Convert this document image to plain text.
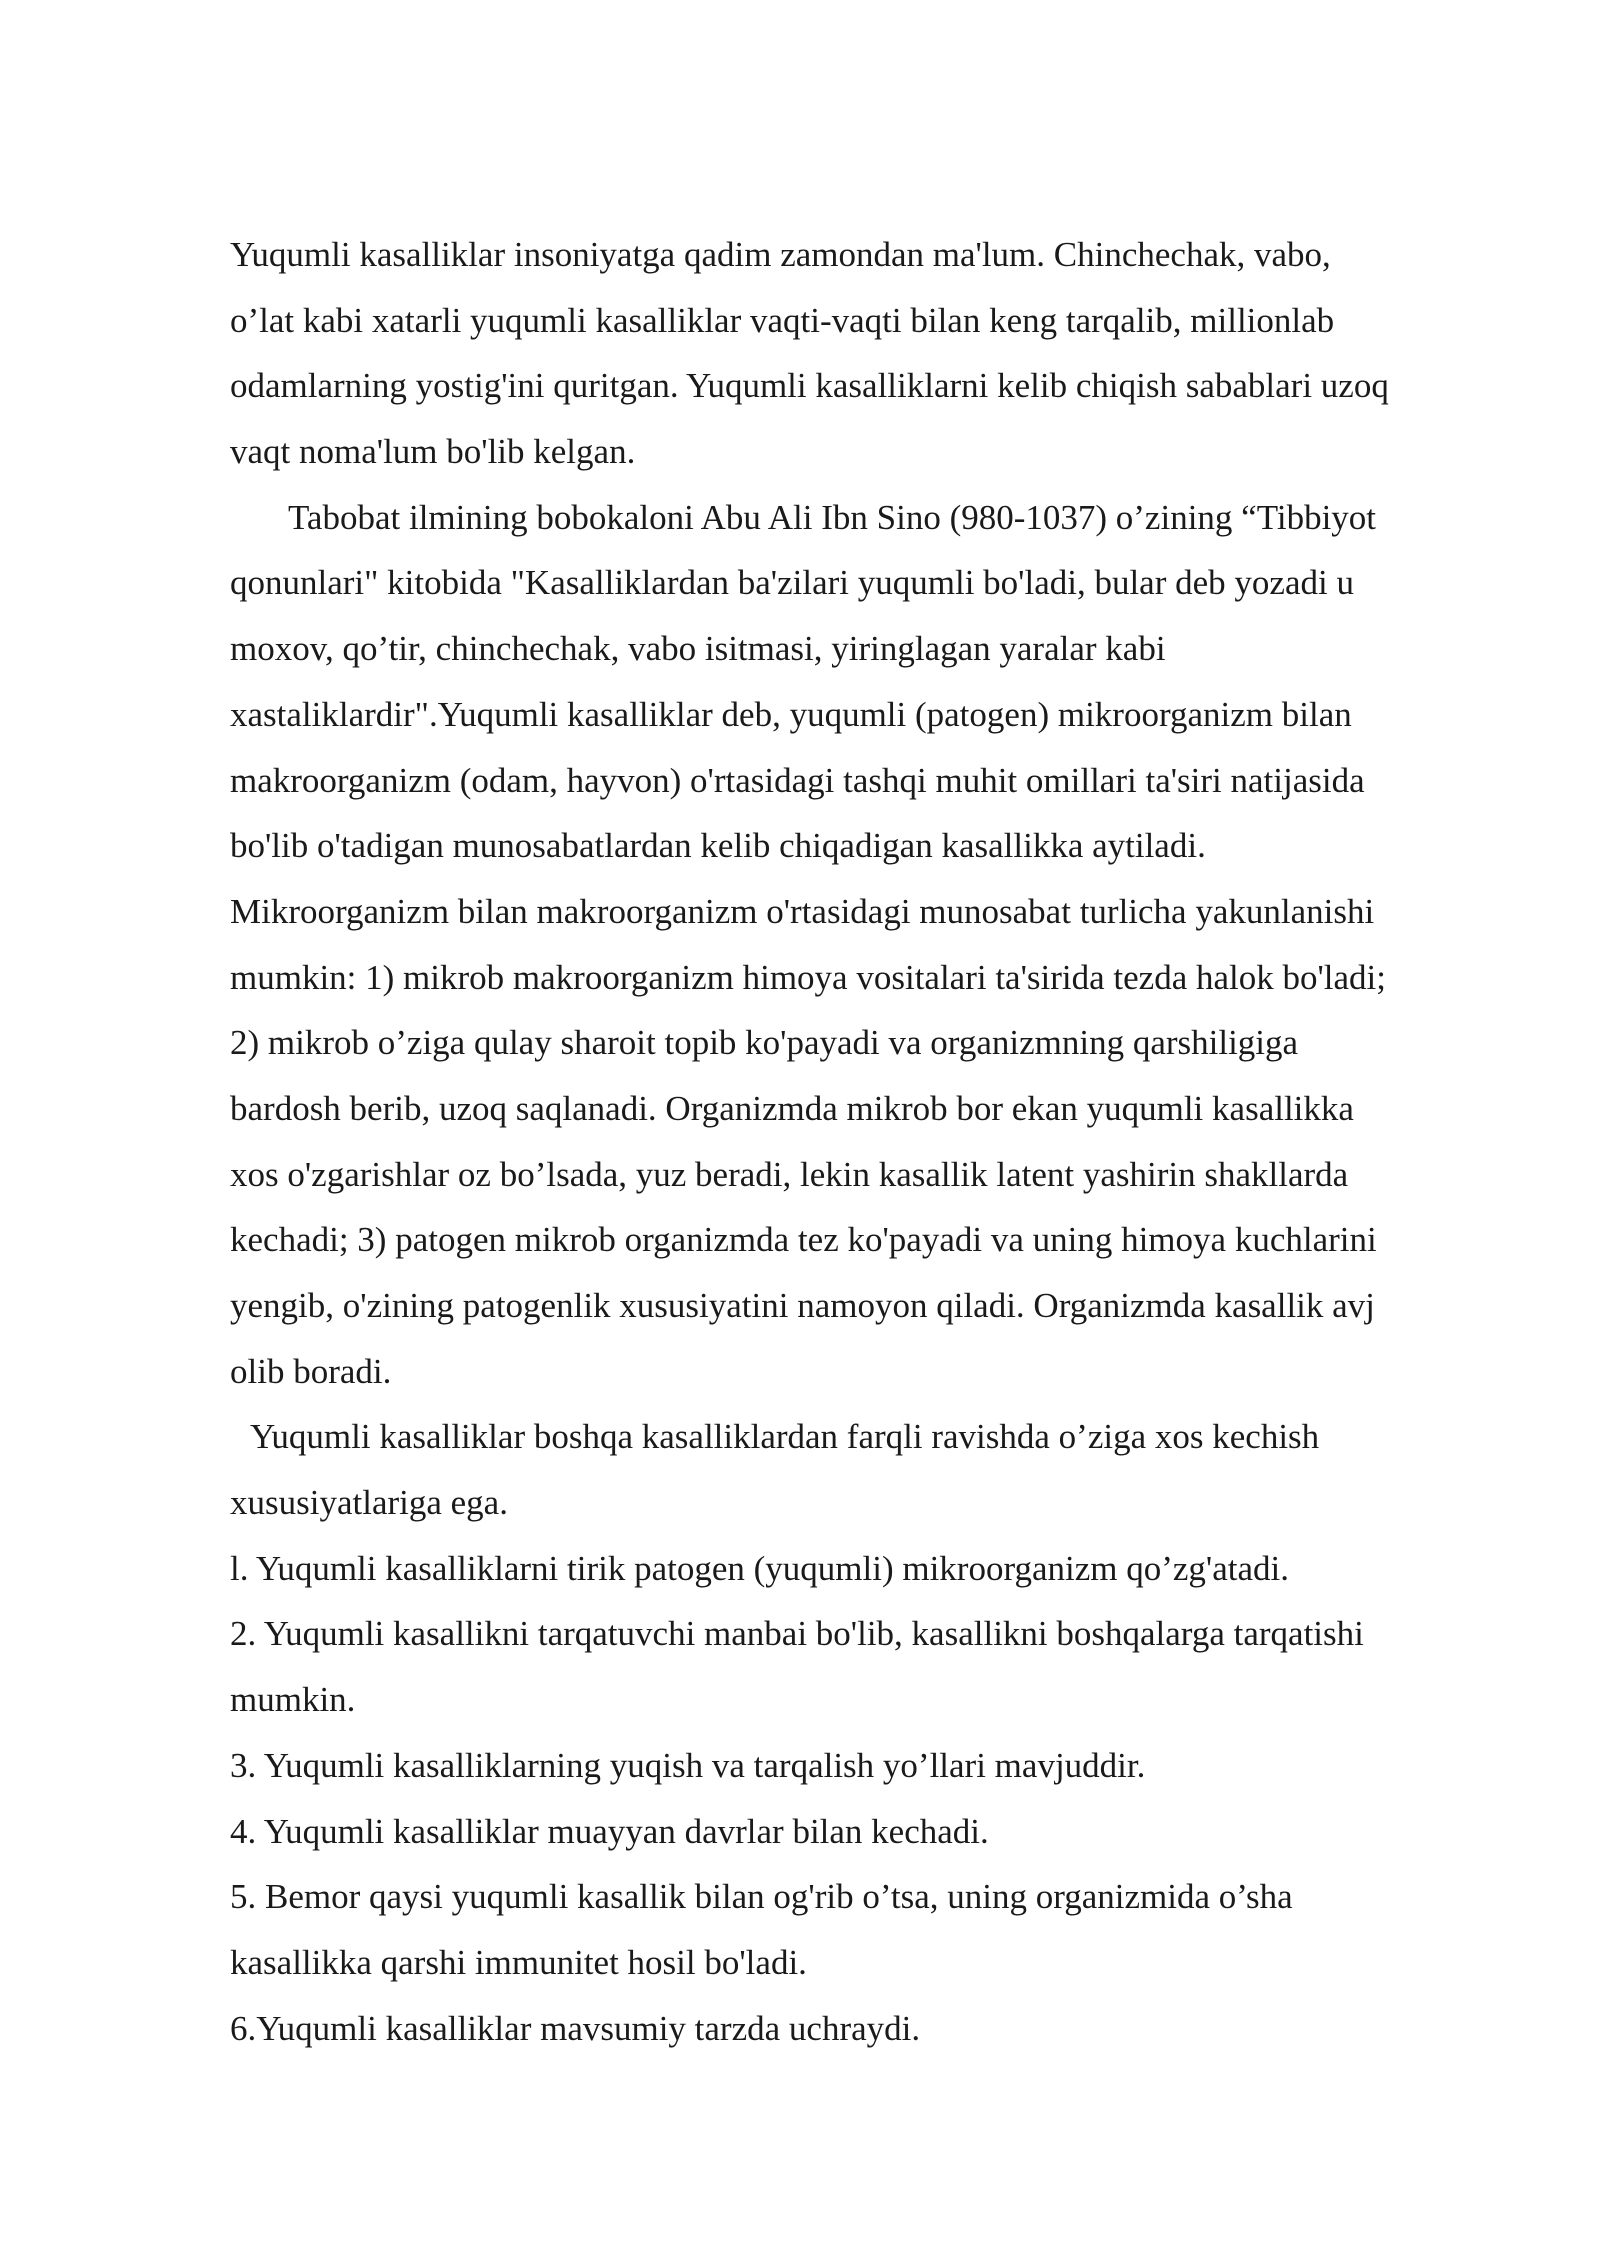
Yuqumli kasalliklar insoniyatga qadim zamondan ma'lum. Chinchechak, vabo,
o’lat kabi xatarli yuqumli kasalliklar vaqti-vaqti bilan keng tarqalib, millionlab
odamlarning yostig'ini quritgan. Yuqumli kasalliklarni kelib chiqish sabablari uzoq
vaqt noma'lum bo'lib kelgan.

Tabobat ilmining bobokaloni Abu Ali Ibn Sino (980-1037) o’zining “Tibbiyot
qonunlari" kitobida "Kasalliklardan ba'zilari yuqumli bo'ladi, bular deb yozadi u
moxov, qo’tir, chinchechak, vabo isitmasi, yiringlagan yaralar kabi
xastaliklardir".Yuqumli kasalliklar deb, yuqumli (patogen) mikroorganizm bilan
makroorganizm (odam, hayvon) o'rtasidagi tashqi muhit omillari ta'siri natijasida
bo'lib o'tadigan munosabatlardan kelib chiqadigan kasallikka aytiladi.
Mikroorganizm bilan makroorganizm o'rtasidagi munosabat turlicha yakunlanishi
mumkin: 1) mikrob makroorganizm himoya vositalari ta'sirida tezda halok bo'ladi;
2) mikrob o’ziga qulay sharoit topib ko'payadi va organizmning qarshiligiga
bardosh berib, uzoq saqlanadi. Organizmda mikrob bor ekan yuqumli kasallikka
xos o'zgarishlar oz bo’lsada, yuz beradi, lekin kasallik latent yashirin shakllarda
kechadi; 3) patogen mikrob organizmda tez ko'payadi va uning himoya kuchlarini
yengib, o'zining patogenlik xususiyatini namoyon qiladi. Organizmda kasallik avj
olib boradi.

Yuqumli kasalliklar boshqa kasalliklardan farqli ravishda o’ziga xos kechish
xususiyatlariga ega.

l. Yuqumli kasalliklarni tirik patogen (yuqumli) mikroorganizm qo’zg'atadi.
2. Yuqumli kasallikni tarqatuvchi manbai bo'lib, kasallikni boshqalarga tarqatishi
mumkin.
3. Yuqumli kasalliklarning yuqish va tarqalish yo’llari mavjuddir.
4. Yuqumli kasalliklar muayyan davrlar bilan kechadi.
5. Bemor qaysi yuqumli kasallik bilan og'rib o’tsa, uning organizmida o’sha
kasallikka qarshi immunitet hosil bo'ladi.
6.Yuqumli kasalliklar mavsumiy tarzda uchraydi.
